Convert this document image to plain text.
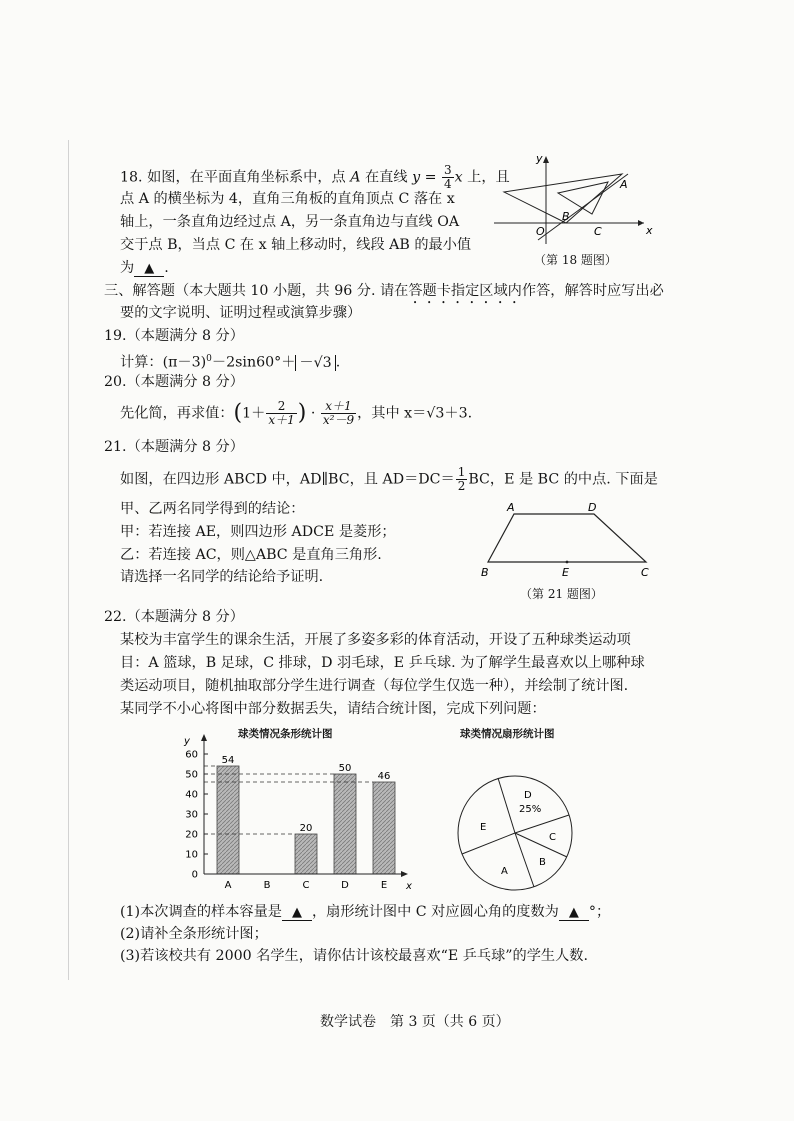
18. 如图，在平面直角坐标系中，点 A 在直线 $y = \frac{3}{4}$ x 上，且
点 A 的横坐标为 4，直角三角板的直角顶点 C 落在 x
轴上，一条直角边经过点 A，另一条直角边与直线 OA
交于点 B，当点 C 在 x 轴上移动时，线段 AB 的最小值
为 ▲ .
y
x
O
A
B
C
（第 18 题图）
三、解答题（本大题共 10 小题，共 96 分. 请在答题卡指定区域内作答，解答时应写出必
要的文字说明、证明过程或演算步骤）
19.（本题满分 8 分）
计算：$(\pi-3)^0-2\sin 60^\circ+ -√3$ .
20.（本题满分 8 分）
先化简，再求值：($1+ \frac{2}{x+1}$ ) · $\frac{x+1}{\text{x²－9}}$ ，其中 x＝√3＋3.
21.（本题满分 8 分）
如图，在四边形 ABCD 中，AD∥BC，且 $AD=DC= \frac{1}{2}$ BC，E 是 BC 的中点. 下面是
甲、乙两名同学得到的结论：
甲：若连接 AE，则四边形 ADCE 是菱形；
乙：若连接 AC，则△ABC 是直角三角形.
请选择一名同学的结论给予证明.
A	D
B	E	C
（第 21 题图）
22.（本题满分 8 分）
某校为丰富学生的课余生活，开展了多姿多彩的体育活动，开设了五种球类运动项
目：A 篮球，B 足球，C 排球，D 羽毛球，E 乒乓球. 为了解学生最喜欢以上哪种球
类运动项目，随机抽取部分学生进行调查（每位学生仅选一种），并绘制了统计图.
某同学不小心将图中部分数据丢失，请结合统计图，完成下列问题：
球类情况条形统计图	球类情况扇形统计图
0
10
20
30
40
50
60 54
A	B
20
C
50
D
46
E
y
x
D
25%
C
B
A
E
(1)本次调查的样本容量是 ▲ ，扇形统计图中 C 对应圆心角的度数为 ▲ °；
(2)请补全条形统计图；
(3)若该校共有 2000 名学生，请你估计该校最喜欢“E 乒乓球”的学生人数.
数学试卷　第 3 页（共 6 页）
